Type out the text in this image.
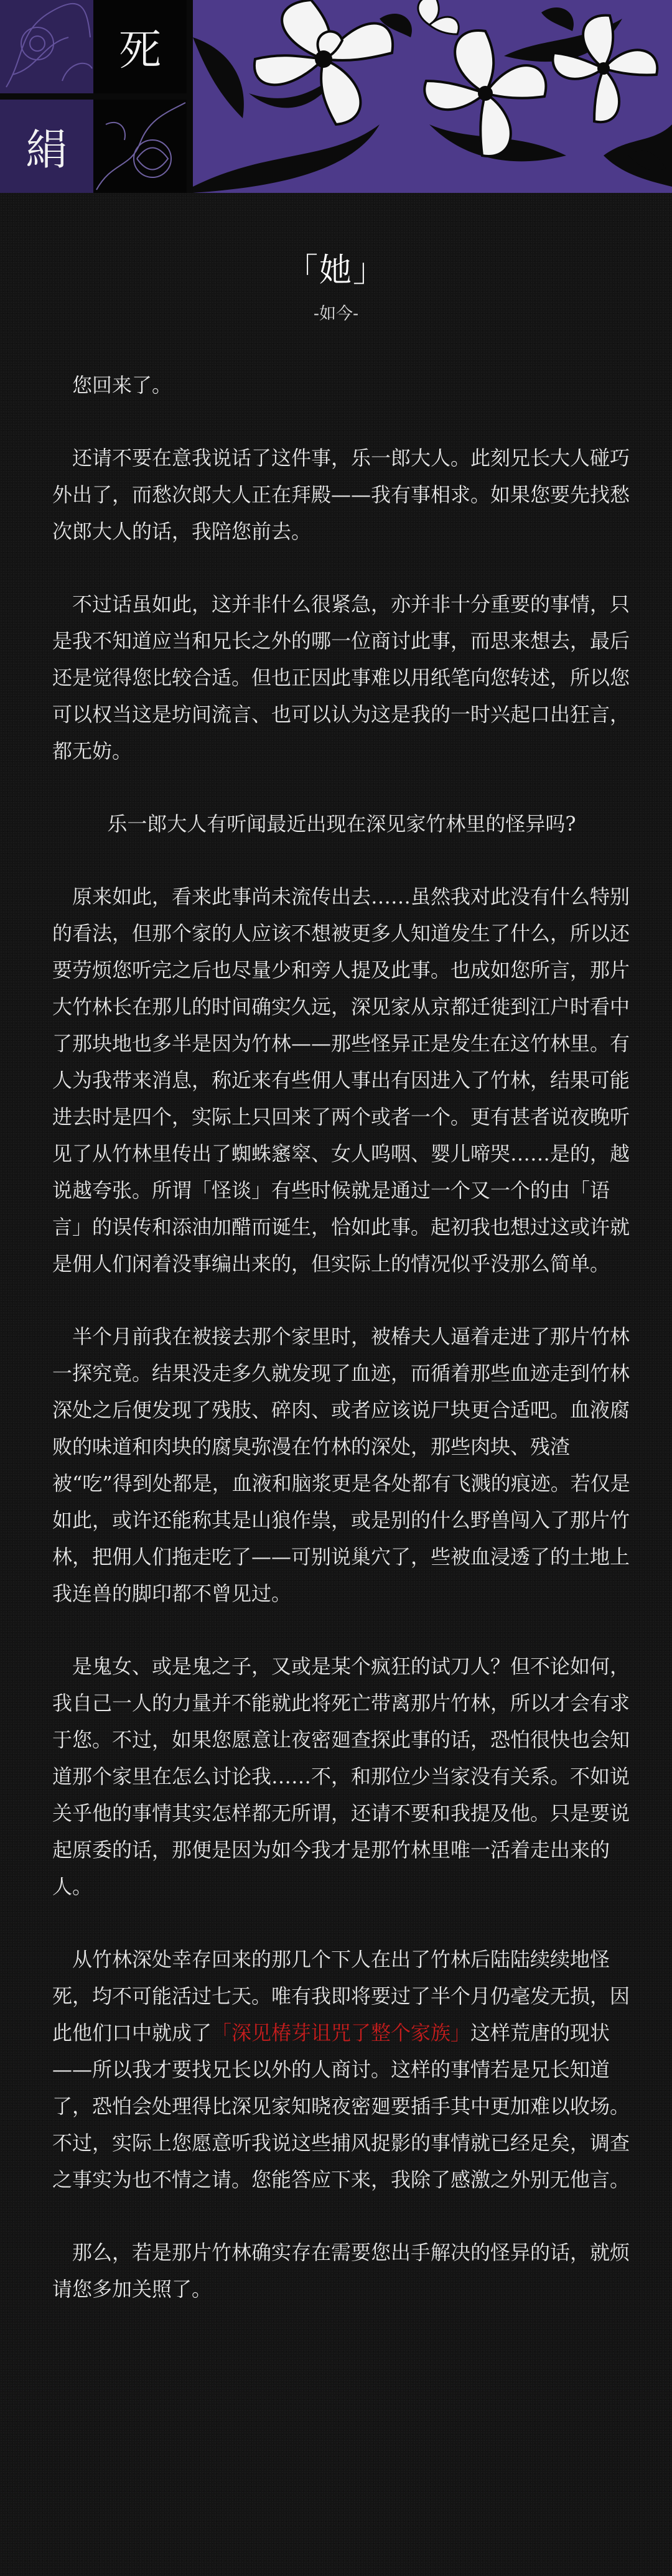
死
絹
「她」
-如今-

 您回来了。

 还请不要在意我说话了这件事，乐一郎大人。此刻兄长大人碰巧外出了，而愁次郎大人正在拜殿——我有事相求。如果您要先找愁次郎大人的话，我陪您前去。

 不过话虽如此，这并非什么很紧急，亦并非十分重要的事情，只是我不知道应当和兄长之外的哪一位商讨此事，而思来想去，最后还是觉得您比较合适。但也正因此事难以用纸笔向您转述，所以您可以权当这是坊间流言、也可以认为这是我的一时兴起口出狂言，都无妨。

乐一郎大人有听闻最近出现在深见家竹林里的怪异吗?

 原来如此，看来此事尚未流传出去……虽然我对此没有什么特别的看法，但那个家的人应该不想被更多人知道发生了什么，所以还要劳烦您听完之后也尽量少和旁人提及此事。也成如您所言，那片大竹林长在那儿的时间确实久远，深见家从京都迁徙到江户时看中了那块地也多半是因为竹林——那些怪异正是发生在这竹林里。有人为我带来消息，称近来有些佣人事出有因进入了竹林，结果可能进去时是四个，实际上只回来了两个或者一个。更有甚者说夜晚听见了从竹林里传出了蜘蛛窸窣、女人呜咽、婴儿啼哭……是的，越说越夸张。所谓「怪谈」有些时候就是通过一个又一个的由「语言」的误传和添油加醋而诞生，恰如此事。起初我也想过这或许就是佣人们闲着没事编出来的，但实际上的情况似乎没那么简单。

 半个月前我在被接去那个家里时，被椿夫人逼着走进了那片竹林一探究竟。结果没走多久就发现了血迹，而循着那些血迹走到竹林深处之后便发现了残肢、碎肉、或者应该说尸块更合适吧。血液腐败的味道和肉块的腐臭弥漫在竹林的深处，那些肉块、残渣被“吃”得到处都是，血液和脑浆更是各处都有飞溅的痕迹。若仅是如此，或许还能称其是山狼作祟，或是别的什么野兽闯入了那片竹林，把佣人们拖走吃了——可别说巢穴了，些被血浸透了的土地上我连兽的脚印都不曾见过。

 是鬼女、或是鬼之子，又或是某个疯狂的试刀人？但不论如何，我自己一人的力量并不能就此将死亡带离那片竹林，所以才会有求于您。不过，如果您愿意让夜密廻查探此事的话，恐怕很快也会知道那个家里在怎么讨论我……不，和那位少当家没有关系。不如说关乎他的事情其实怎样都无所谓，还请不要和我提及他。只是要说起原委的话，那便是因为如今我才是那竹林里唯一活着走出来的人。

 从竹林深处幸存回来的那几个下人在出了竹林后陆陆续续地怪死，均不可能活过七天。唯有我即将要过了半个月仍毫发无损，因此他们口中就成了「深见椿芽诅咒了整个家族」这样荒唐的现状——所以我才要找兄长以外的人商讨。这样的事情若是兄长知道了，恐怕会处理得比深见家知晓夜密廻要插手其中更加难以收场。不过，实际上您愿意听我说这些捕风捉影的事情就已经足矣，调查之事实为也不情之请。您能答应下来，我除了感激之外别无他言。

 那么，若是那片竹林确实存在需要您出手解决的怪异的话，就烦请您多加关照了。
